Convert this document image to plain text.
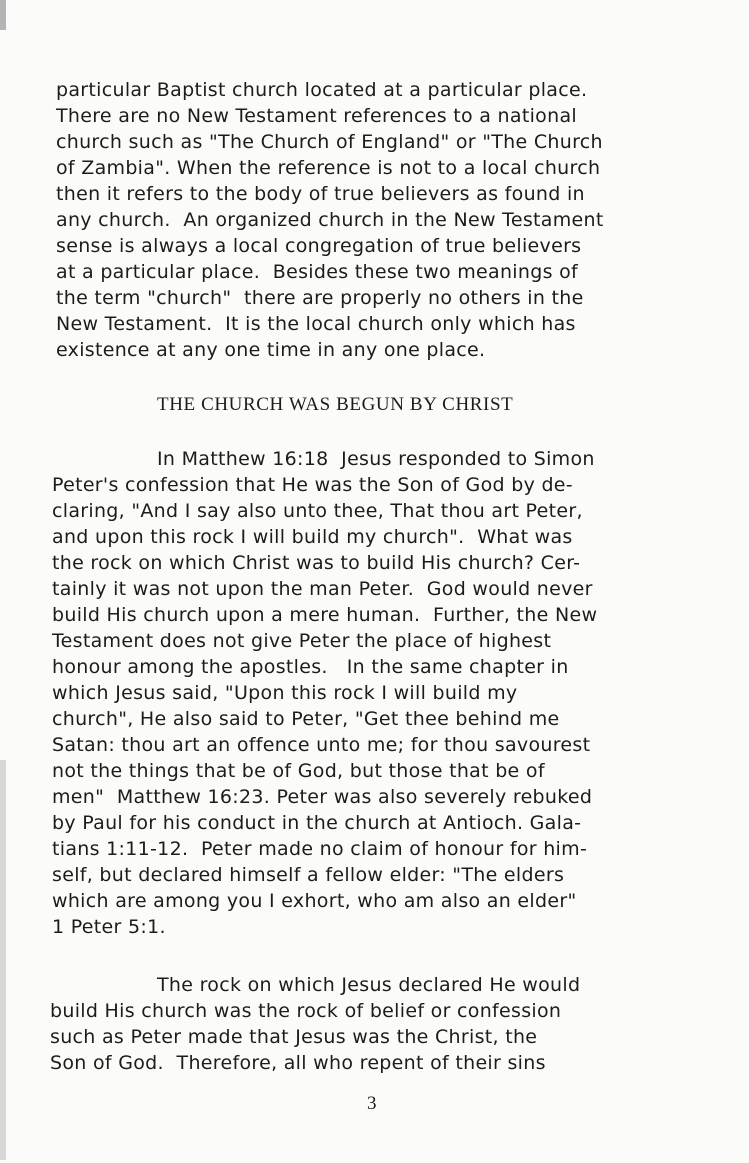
particular Baptist church located at a particular place.
There are no New Testament references to a national
church such as "The Church of England" or "The Church
of Zambia". When the reference is not to a local church
then it refers to the body of true believers as found in
any church.  An organized church in the New Testament
sense is always a local congregation of true believers
at a particular place.  Besides these two meanings of
the term "church"  there are properly no others in the
New Testament.  It is the local church only which has
existence at any one time in any one place.
THE CHURCH WAS BEGUN BY CHRIST
In Matthew 16:18  Jesus responded to Simon
Peter's confession that He was the Son of God by de-
claring, "And I say also unto thee, That thou art Peter,
and upon this rock I will build my church".  What was
the rock on which Christ was to build His church? Cer-
tainly it was not upon the man Peter.  God would never
build His church upon a mere human.  Further, the New
Testament does not give Peter the place of highest
honour among the apostles.   In the same chapter in
which Jesus said, "Upon this rock I will build my
church", He also said to Peter, "Get thee behind me
Satan: thou art an offence unto me; for thou savourest
not the things that be of God, but those that be of
men"  Matthew 16:23. Peter was also severely rebuked
by Paul for his conduct in the church at Antioch. Gala-
tians 1:11-12.  Peter made no claim of honour for him-
self, but declared himself a fellow elder: "The elders
which are among you I exhort, who am also an elder"
1 Peter 5:1.
The rock on which Jesus declared He would
build His church was the rock of belief or confession
such as Peter made that Jesus was the Christ, the
Son of God.  Therefore, all who repent of their sins
3
